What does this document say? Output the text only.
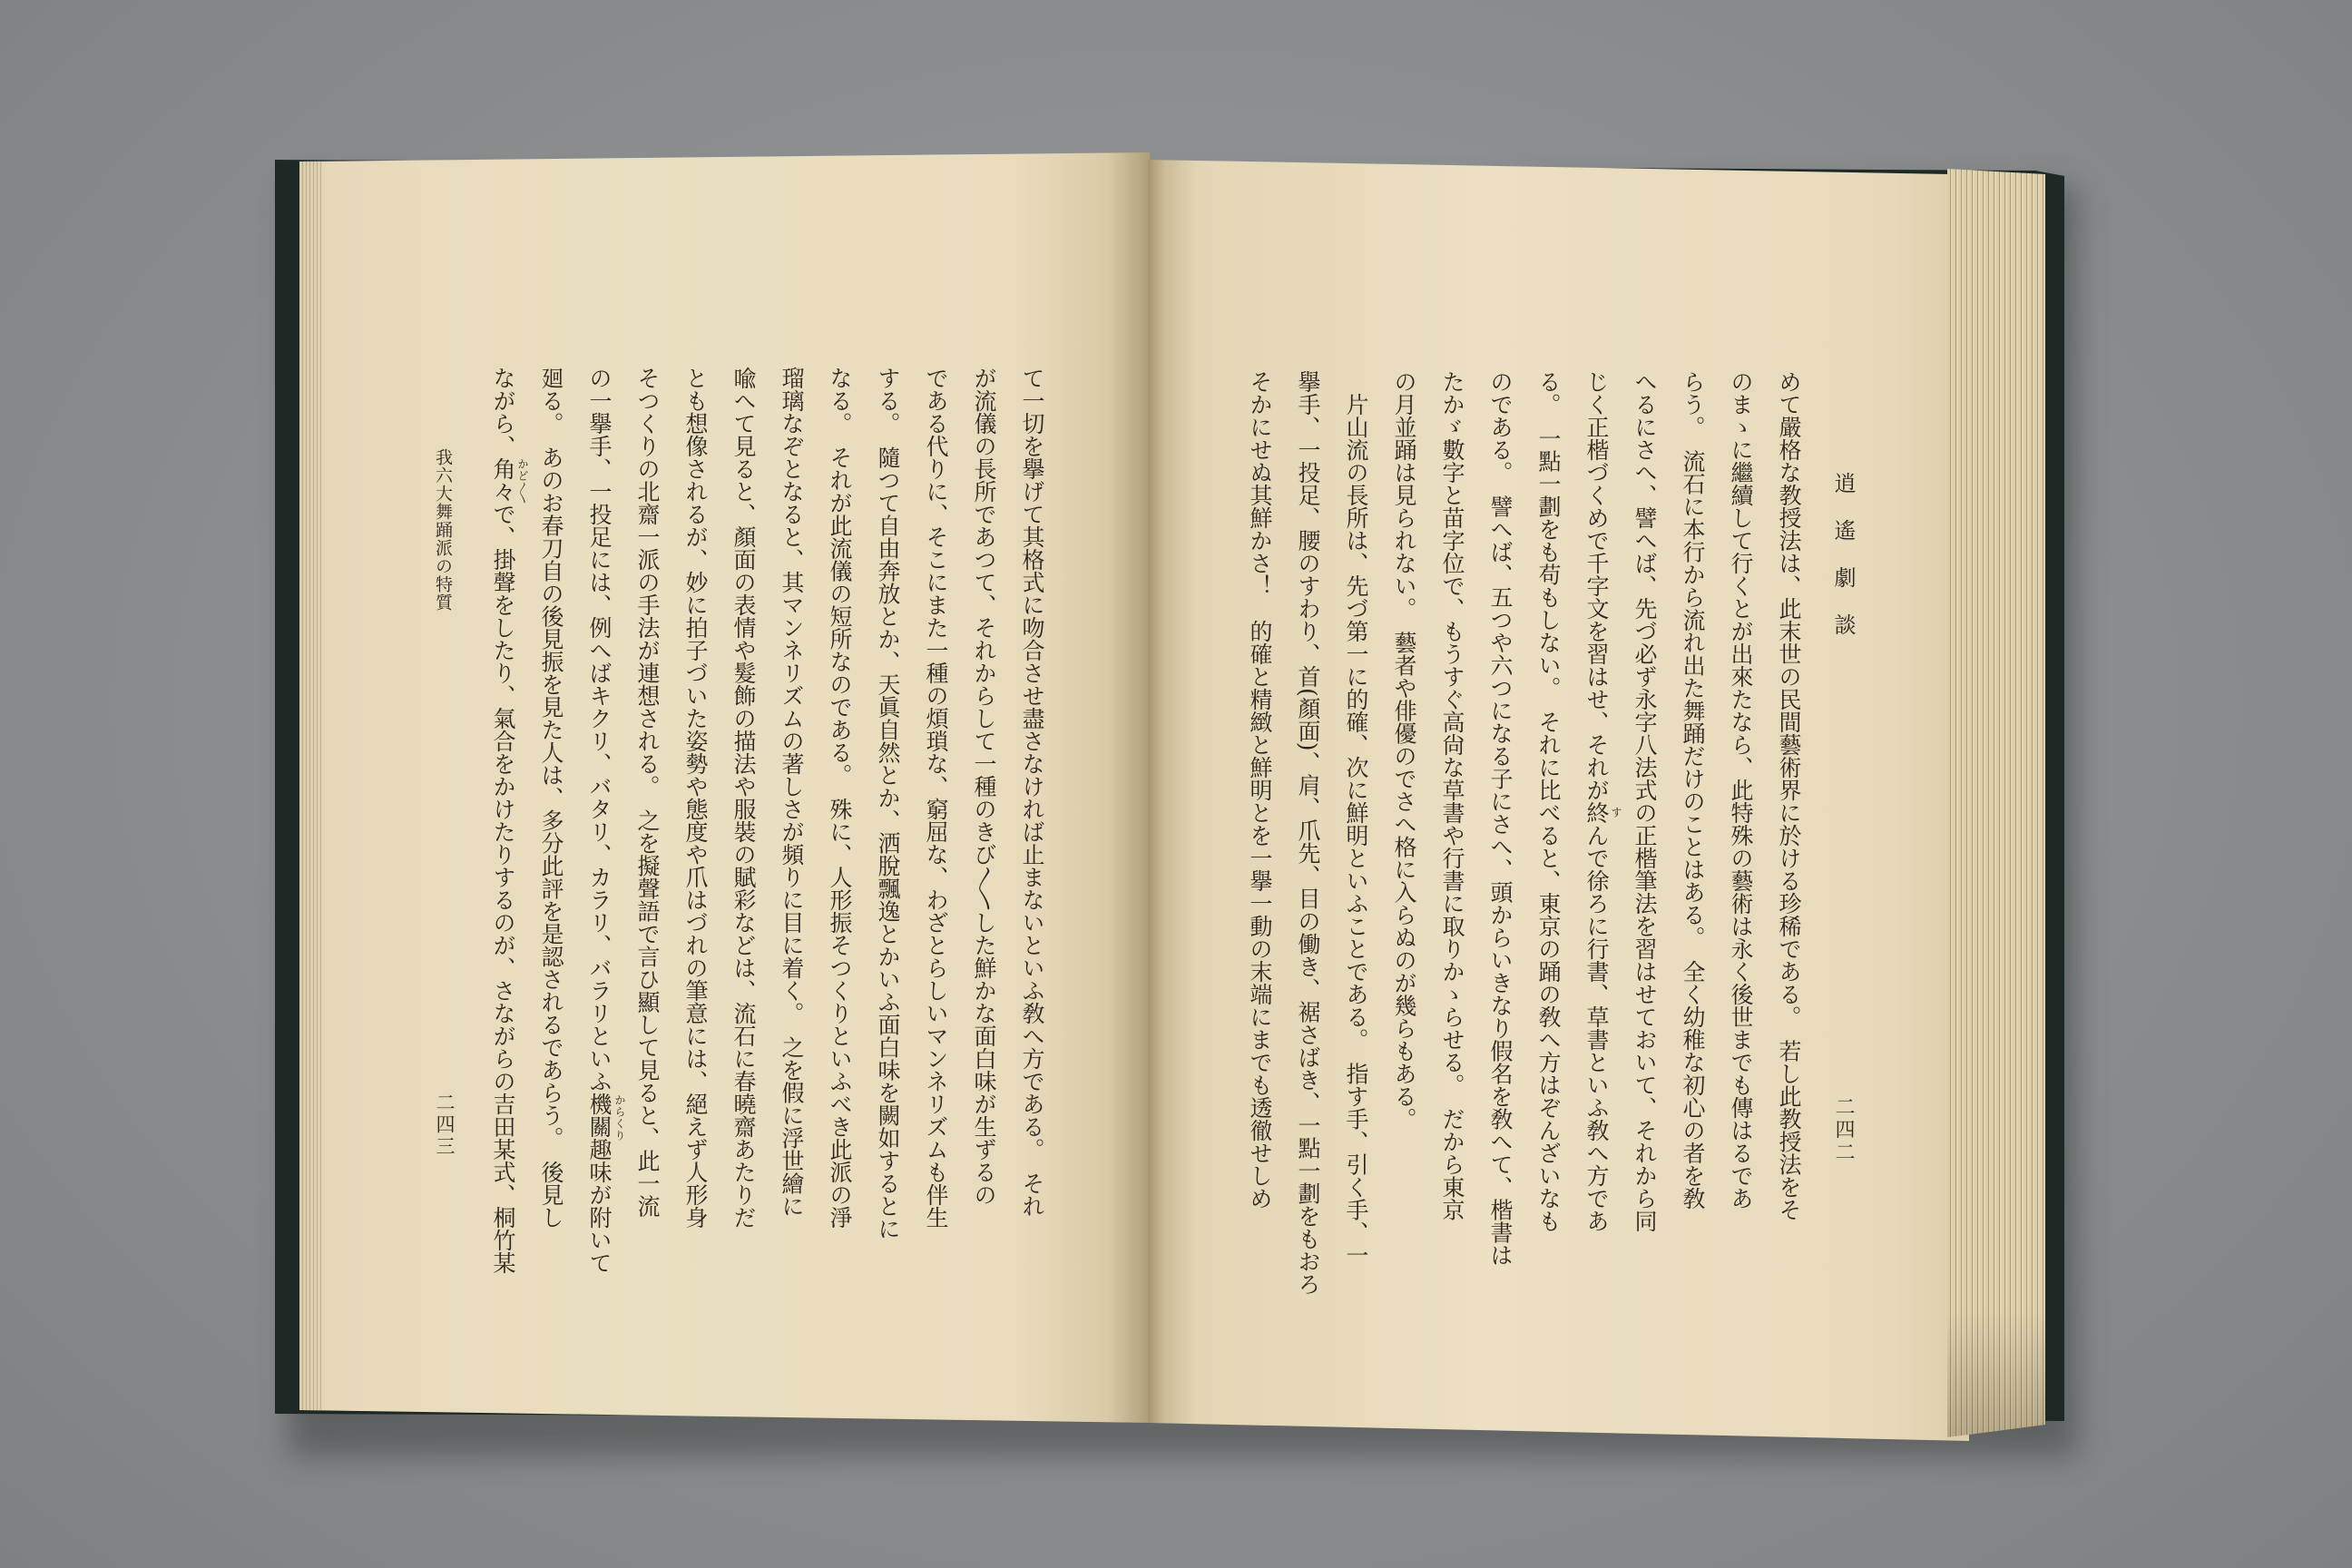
逍遙劇談
二四二
めて嚴格な教授法は、此末世の民間藝術界に於ける珍稀である。　若し此教授法をそ
のまゝに繼續して行くとが出來たなら、此特殊の藝術は永く後世までも傳はるであ
らう。　流石に本行から流れ出た舞踊だけのことはある。　全く幼稚な初心の者を敎
へるにさへ、譬へば、先づ必ず永字八法式の正楷筆法を習はせておいて、それから同
じく正楷づくめで千字文を習はせ、それが終んで徐ろに行書、草書といふ敎へ方であ
る。　一點一劃をも苟もしない。　それに比べると、東京の踊の敎へ方はぞんざいなも
のである。　譬へば、五つや六つになる子にさへ、頭からいきなり假名を敎へて、楷書は
たかゞ數字と苗字位で、もうすぐ高尙な草書や行書に取りかゝらせる。　だから東京
の月並踊は見られない。　藝者や俳優のでさへ格に入らぬのが幾らもある。
　片山流の長所は、先づ第一に的確、次に鮮明といふことである。　指す手、引く手、一
擧手、一投足、腰のすわり、首(顏面)、肩、爪先、目の働き、裾さばき、一點一劃をもおろ
そかにせぬ其鮮かさ！　的確と精緻と鮮明とを一擧一動の末端にまでも透徹せしめ	す
我六大舞踊派の特質
二四三	て一切を擧げて其格式に吻合させ盡さなければ止まないといふ敎へ方である。　それ
が流儀の長所であつて、それからして一種のきび〱した鮮かな面白味が生ずるの
である代りに、そこにまた一種の煩瑣な、窮屈な、わざとらしいマンネリズムも伴生
する。　隨つて自由奔放とか、天眞自然とか、洒脫飄逸とかいふ面白味を闕如するとに
なる。　それが此流儀の短所なのである。　殊に、人形振そつくりといふべき此派の淨
瑠璃なぞとなると、其マンネリズムの著しさが頻りに目に着く。　之を假に浮世繪に
喩へて見ると、顏面の表情や髮飾の描法や服裝の賦彩などは、流石に春曉齋あたりだ
とも想像されるが、妙に拍子づいた姿勢や態度や爪はづれの筆意には、絕えず人形身
そつくりの北齋一派の手法が連想される。　之を擬聲語で言ひ顯して見ると、此一流
の一擧手、一投足には、例へばキクリ、バタリ、カラリ、バラリといふ機關趣味が附いて
廻る。　あのお春刀自の後見振を見た人は、多分此評を是認されるであらう。　後見し
ながら、角々で、掛聲をしたり、氣合をかけたりするのが、さながらの吉田某式、桐竹某	からくり
かど〱
